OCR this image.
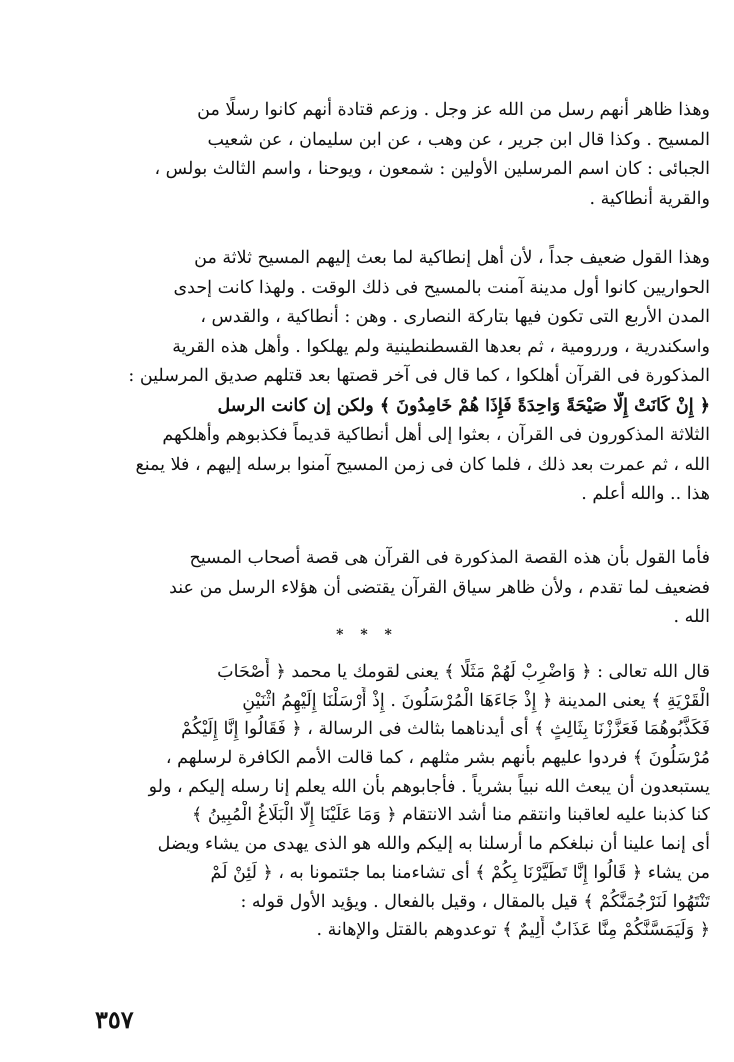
وهذا ظاهر أنهم رسل من الله عز وجل . وزعم قتادة أنهم كانوا رسلًا من
المسيح . وكذا قال ابن جرير ، عن وهب ، عن ابن سليمان ، عن شعيب
الجبائى : كان اسم المرسلين الأولين : شمعون ، ويوحنا ، واسم الثالث بولس ،
والقرية أنطاكية .
وهذا القول ضعيف جداً ، لأن أهل إنطاكية لما بعث إليهم المسيح ثلاثة من
الحواريين كانوا أول مدينة آمنت بالمسيح فى ذلك الوقت . ولهذا كانت إحدى
المدن الأربع التى تكون فيها بتاركة النصارى . وهن : أنطاكية ، والقدس ،
واسكندرية ، وررومية ، ثم بعدها القسطنطينية ولم يهلكوا . وأهل هذه القرية
المذكورة فى القرآن أهلكوا ، كما قال فى آخر قصتها بعد قتلهم صديق المرسلين :
﴿ إِنْ كَانَتْ إِلَّا صَيْحَةً وَاحِدَةً فَإِذَا هُمْ خَامِدُونَ ﴾ ولكن إن كانت الرسل
الثلاثة المذكورون فى القرآن ، بعثوا إلى أهل أنطاكية قديماً فكذبوهم وأهلكهم
الله ، ثم عمرت بعد ذلك ، فلما كان فى زمن المسيح آمنوا برسله إليهم ، فلا يمنع
هذا .. والله أعلم .
فأما القول بأن هذه القصة المذكورة فى القرآن هى قصة أصحاب المسيح
فضعيف لما تقدم ، ولأن ظاهر سياق القرآن يقتضى أن هؤلاء الرسل من عند
الله .
* * *
قال الله تعالى : ﴿ وَاضْرِبْ لَهُمْ مَثَلًا ﴾ يعنى لقومك يا محمد ﴿ أَصْحَابَ
الْقَرْيَةِ ﴾ يعنى المدينة ﴿ إِذْ جَاءَهَا الْمُرْسَلُونَ . إِذْ أَرْسَلْنَا إِلَيْهِمُ اثْنَيْنِ
فَكَذَّبُوهُمَا فَعَزَّزْنَا بِثَالِثٍ ﴾ أى أيدناهما بثالث فى الرسالة ، ﴿ فَقَالُوا إِنَّا إِلَيْكُمْ
مُرْسَلُونَ ﴾ فردوا عليهم بأنهم بشر مثلهم ، كما قالت الأمم الكافرة لرسلهم ،
يستبعدون أن يبعث الله نبياً بشرياً . فأجابوهم بأن الله يعلم إنا رسله إليكم ، ولو
كنا كذبنا عليه لعاقبنا وانتقم منا أشد الانتقام ﴿ وَمَا عَلَيْنَا إِلَّا الْبَلَاغُ الْمُبِينُ ﴾
أى إنما علينا أن نبلغكم ما أرسلنا به إليكم والله هو الذى يهدى من يشاء ويضل
من يشاء ﴿ قَالُوا إِنَّا تَطَيَّرْنَا بِكُمْ ﴾ أى تشاءمنا بما جئتمونا به ، ﴿ لَئِنْ لَمْ
تَنْتَهُوا لَنَرْجُمَنَّكُمْ ﴾ قيل بالمقال ، وقيل بالفعال . ويؤيد الأول قوله :
﴿ وَلَيَمَسَّنَّكُمْ مِنَّا عَذَابٌ أَلِيمٌ ﴾ توعدوهم بالقتل والإهانة .
٣٥٧
